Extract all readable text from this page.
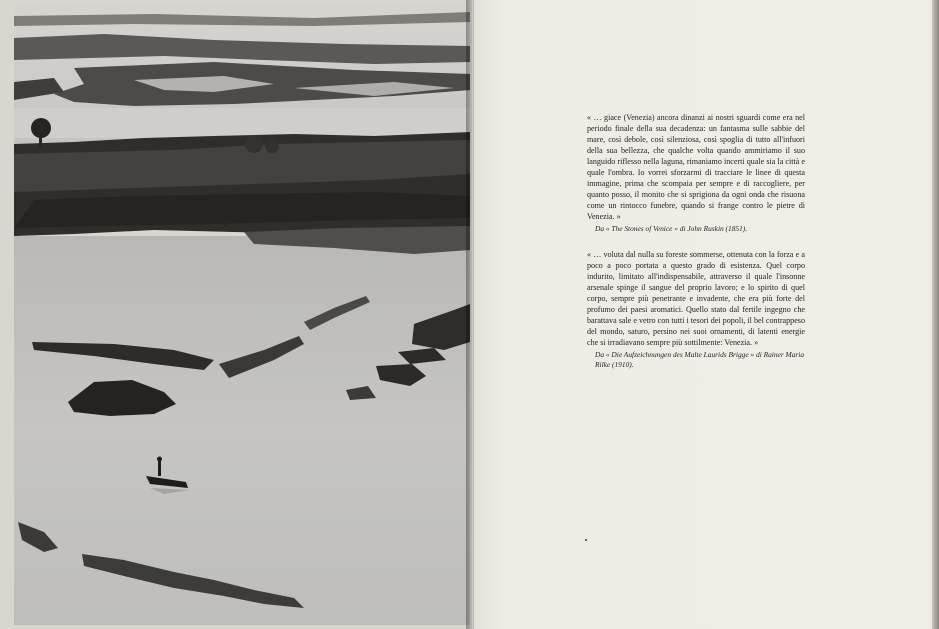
« … giace (Venezia) ancora dinanzi ai nostri sguardi come era nel periodo finale della sua decadenza: un fantasma sulle sabbie del mare, così debole, così silenziosa, così spoglia di tutto all'infuori della sua bellezza, che qualche volta quando ammiriamo il suo languido riflesso nella laguna, rimaniamo incerti quale sia la città e quale l'ombra. Io vorrei sforzarmi di tracciare le linee di questa immagine, prima che scompaia per sempre e di raccogliere, per quanto posso, il monito che si sprigiona da ogni onda che risuona come un rintocco funebre, quando si frange contro le pietre di Venezia. »

Da « The Stones of Venice » di John Ruskin (1851).

« … voluta dal nulla su foreste sommerse, ottenuta con la forza e a poco a poco portata a questo grado di esistenza. Quel corpo indurito, limitato all'indispensabile, attraverso il quale l'insonne arsenale spinge il sangue del proprio lavoro; e lo spirito di quel corpo, sempre più penetrante e invadente, che era più forte del profumo dei paesi aromatici. Quello stato dal fertile ingegno che barattava sale e vetro con tutti i tesori dei popoli, il bel contrappeso del mondo, saturo, persino nei suoi ornamenti, di latenti energie che si irradiavano sempre più sottilmente: Venezia. »

Da « Die Aufzeichnungen des Malte Laurids Brigge » di Rainer Maria Rilke (1910).
